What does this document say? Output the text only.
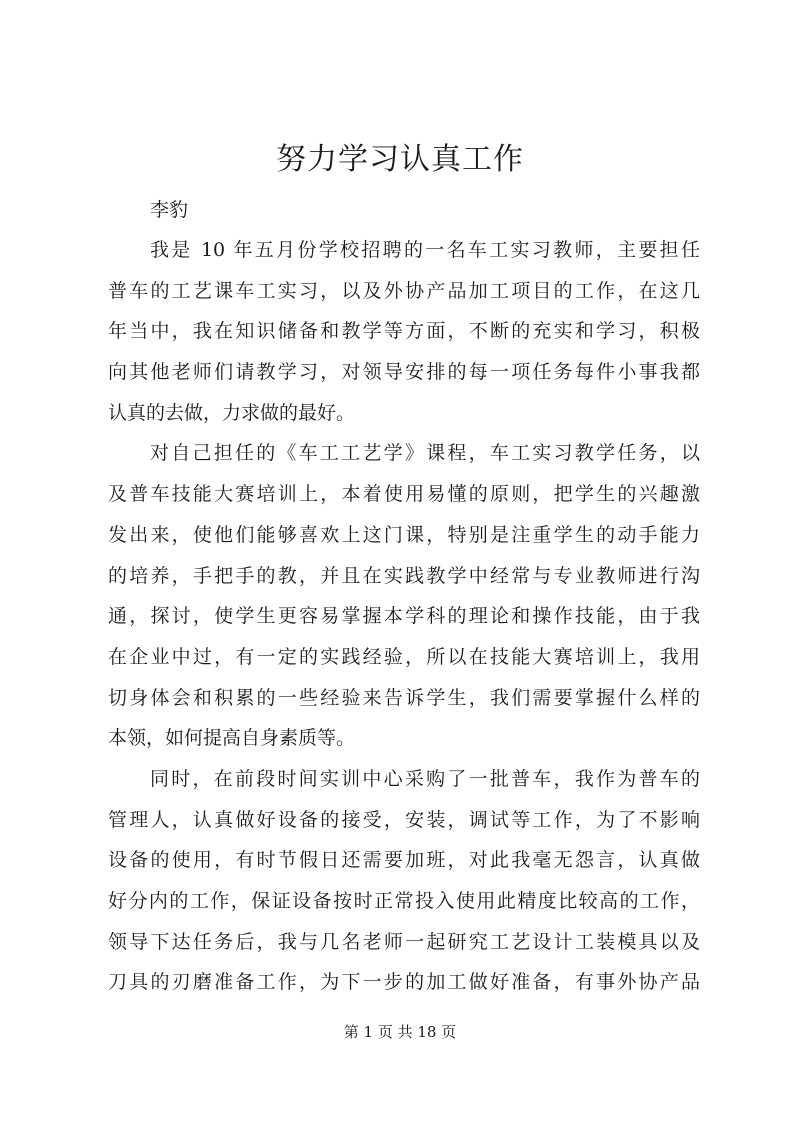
努力学习认真工作

李豹

我是 10 年五月份学校招聘的一名车工实习教师，主要担任
普车的工艺课车工实习，以及外协产品加工项目的工作，在这几
年当中，我在知识储备和教学等方面，不断的充实和学习，积极
向其他老师们请教学习，对领导安排的每一项任务每件小事我都
认真的去做，力求做的最好。

对自己担任的《车工工艺学》课程，车工实习教学任务，以
及普车技能大赛培训上，本着使用易懂的原则，把学生的兴趣激
发出来，使他们能够喜欢上这门课，特别是注重学生的动手能力
的培养，手把手的教，并且在实践教学中经常与专业教师进行沟
通，探讨，使学生更容易掌握本学科的理论和操作技能，由于我
在企业中过，有一定的实践经验，所以在技能大赛培训上，我用
切身体会和积累的一些经验来告诉学生，我们需要掌握什么样的
本领，如何提高自身素质等。

同时，在前段时间实训中心采购了一批普车，我作为普车的
管理人，认真做好设备的接受，安装，调试等工作，为了不影响
设备的使用，有时节假日还需要加班，对此我毫无怨言，认真做
好分内的工作，保证设备按时正常投入使用此精度比较高的工作，
领导下达任务后，我与几名老师一起研究工艺设计工装模具以及
刀具的刃磨准备工作，为下一步的加工做好准备，有事外协产品

第 1 页 共 18 页
